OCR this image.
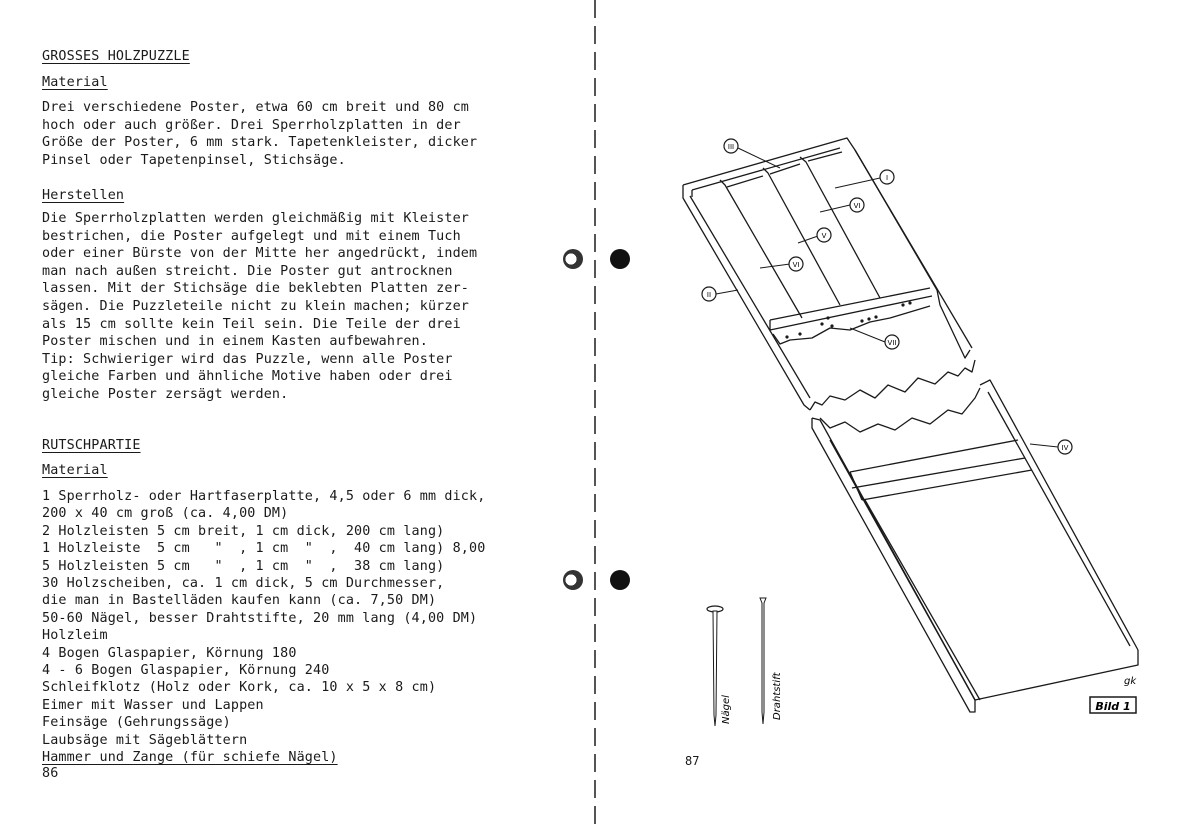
GROSSES HOLZPUZZLE
Material
Drei verschiedene Poster, etwa 60 cm breit und 80 cm
hoch oder auch größer. Drei Sperrholzplatten in der
Größe der Poster, 6 mm stark. Tapetenkleister, dicker
Pinsel oder Tapetenpinsel, Stichsäge.
Herstellen
Die Sperrholzplatten werden gleichmäßig mit Kleister
bestrichen, die Poster aufgelegt und mit einem Tuch
oder einer Bürste von der Mitte her angedrückt, indem
man nach außen streicht. Die Poster gut antrocknen
lassen. Mit der Stichsäge die beklebten Platten zer-
sägen. Die Puzzleteile nicht zu klein machen; kürzer
als 15 cm sollte kein Teil sein. Die Teile der drei
Poster mischen und in einem Kasten aufbewahren.
Tip: Schwieriger wird das Puzzle, wenn alle Poster
gleiche Farben und ähnliche Motive haben oder drei
gleiche Poster zersägt werden.
RUTSCHPARTIE
Material
1 Sperrholz- oder Hartfaserplatte, 4,5 oder 6 mm dick,
200 x 40 cm groß (ca. 4,00 DM)
2 Holzleisten 5 cm breit, 1 cm dick, 200 cm lang)
1 Holzleiste  5 cm   "  , 1 cm  "  ,  40 cm lang) 8,00
5 Holzleisten 5 cm   "  , 1 cm  "  ,  38 cm lang)
30 Holzscheiben, ca. 1 cm dick, 5 cm Durchmesser,
die man in Bastelläden kaufen kann (ca. 7,50 DM)
50-60 Nägel, besser Drahtstifte, 20 mm lang (4,00 DM)
Holzleim
4 Bogen Glaspapier, Körnung 180
4 - 6 Bogen Glaspapier, Körnung 240
Schleifklotz (Holz oder Kork, ca. 10 x 5 x 8 cm)
Eimer mit Wasser und Lappen
Feinsäge (Gehrungssäge)
Laubsäge mit Sägeblättern
Hammer und Zange (für schiefe Nägel)
86
III
I
VI
V
VI
II
VII
IV
Nägel	Drahtstift	gk
Bild 1
87
